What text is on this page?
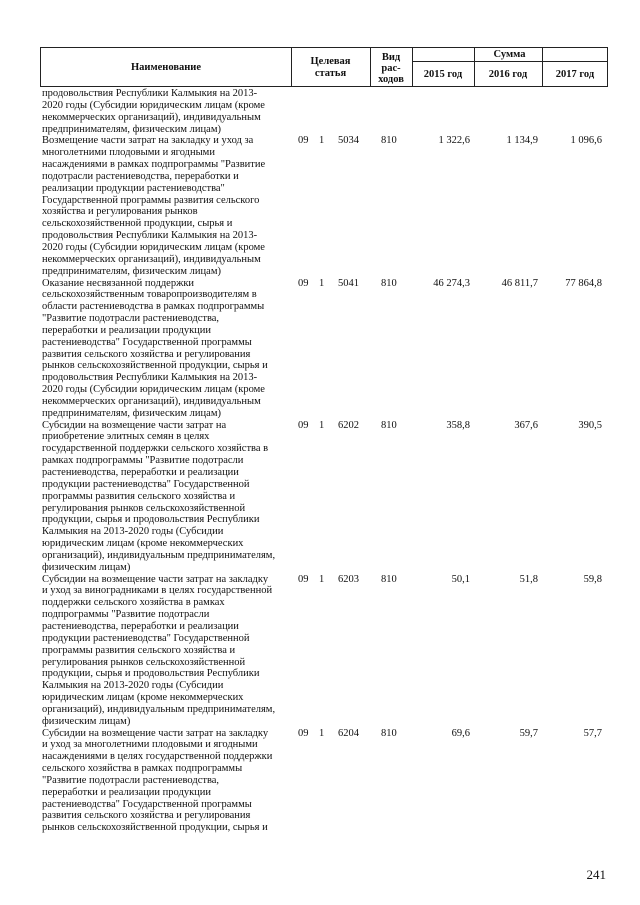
Наименование
Целевая
статья
Вид
рас-
ходов
Сумма
2015 год	2016 год	2017 год
продовольствия Республики Калмыкия на 2013-
2020 годы (Субсидии юридическим лицам (кроме
некоммерческих организаций), индивидуальным
предпринимателям, физическим лицам)
Возмещение части затрат на закладку и уход за
многолетними плодовыми и ягодными
насаждениями в рамках подпрограммы "Развитие
подотрасли растениеводства, переработки и
реализации продукции растениеводства"
Государственной программы развития сельского
хозяйства и регулирования рынков
сельскохозяйственной продукции, сырья и
продовольствия Республики Калмыкия на 2013-
2020 годы (Субсидии юридическим лицам (кроме
некоммерческих организаций), индивидуальным
предпринимателям, физическим лицам)
09 1 5034 810	1 322,6	1 134,9	1 096,6
Оказание несвязанной поддержки
сельскохозяйственным товаропроизводителям в
области растениеводства в рамках подпрограммы
"Развитие подотрасли растениеводства,
переработки и реализации продукции
растениеводства" Государственной программы
развития сельского хозяйства и регулирования
рынков сельскохозяйственной продукции, сырья и
продовольствия Республики Калмыкия на 2013-
2020 годы (Субсидии юридическим лицам (кроме
некоммерческих организаций), индивидуальным
предпринимателям, физическим лицам)
09 1 5041 810	46 274,3	46 811,7	77 864,8
Субсидии на возмещение части затрат на
приобретение элитных семян в целях
государственной поддержки сельского хозяйства в
рамках подпрограммы "Развитие подотрасли
растениеводства, переработки и реализации
продукции растениеводства" Государственной
программы развития сельского хозяйства и
регулирования рынков сельскохозяйственной
продукции, сырья и продовольствия Республики
Калмыкия на 2013-2020 годы (Субсидии
юридическим лицам (кроме некоммерческих
организаций), индивидуальным предпринимателям,
физическим лицам)
09 1 6202 810	358,8	367,6	390,5
Субсидии на возмещение части затрат на закладку
и уход за виноградниками в целях государственной
поддержки сельского хозяйства в рамках
подпрограммы "Развитие подотрасли
растениеводства, переработки и реализации
продукции растениеводства" Государственной
программы развития сельского хозяйства и
регулирования рынков сельскохозяйственной
продукции, сырья и продовольствия Республики
Калмыкия на 2013-2020 годы (Субсидии
юридическим лицам (кроме некоммерческих
организаций), индивидуальным предпринимателям,
физическим лицам)
09 1 6203 810	50,1	51,8	59,8
Субсидии на возмещение части затрат на закладку
и уход за многолетними плодовыми и ягодными
насаждениями в целях государственной поддержки
сельского хозяйства в рамках подпрограммы
"Развитие подотрасли растениеводства,
переработки и реализации продукции
растениеводства" Государственной программы
развития сельского хозяйства и регулирования
рынков сельскохозяйственной продукции, сырья и
09 1 6204 810	69,6	59,7	57,7
241
